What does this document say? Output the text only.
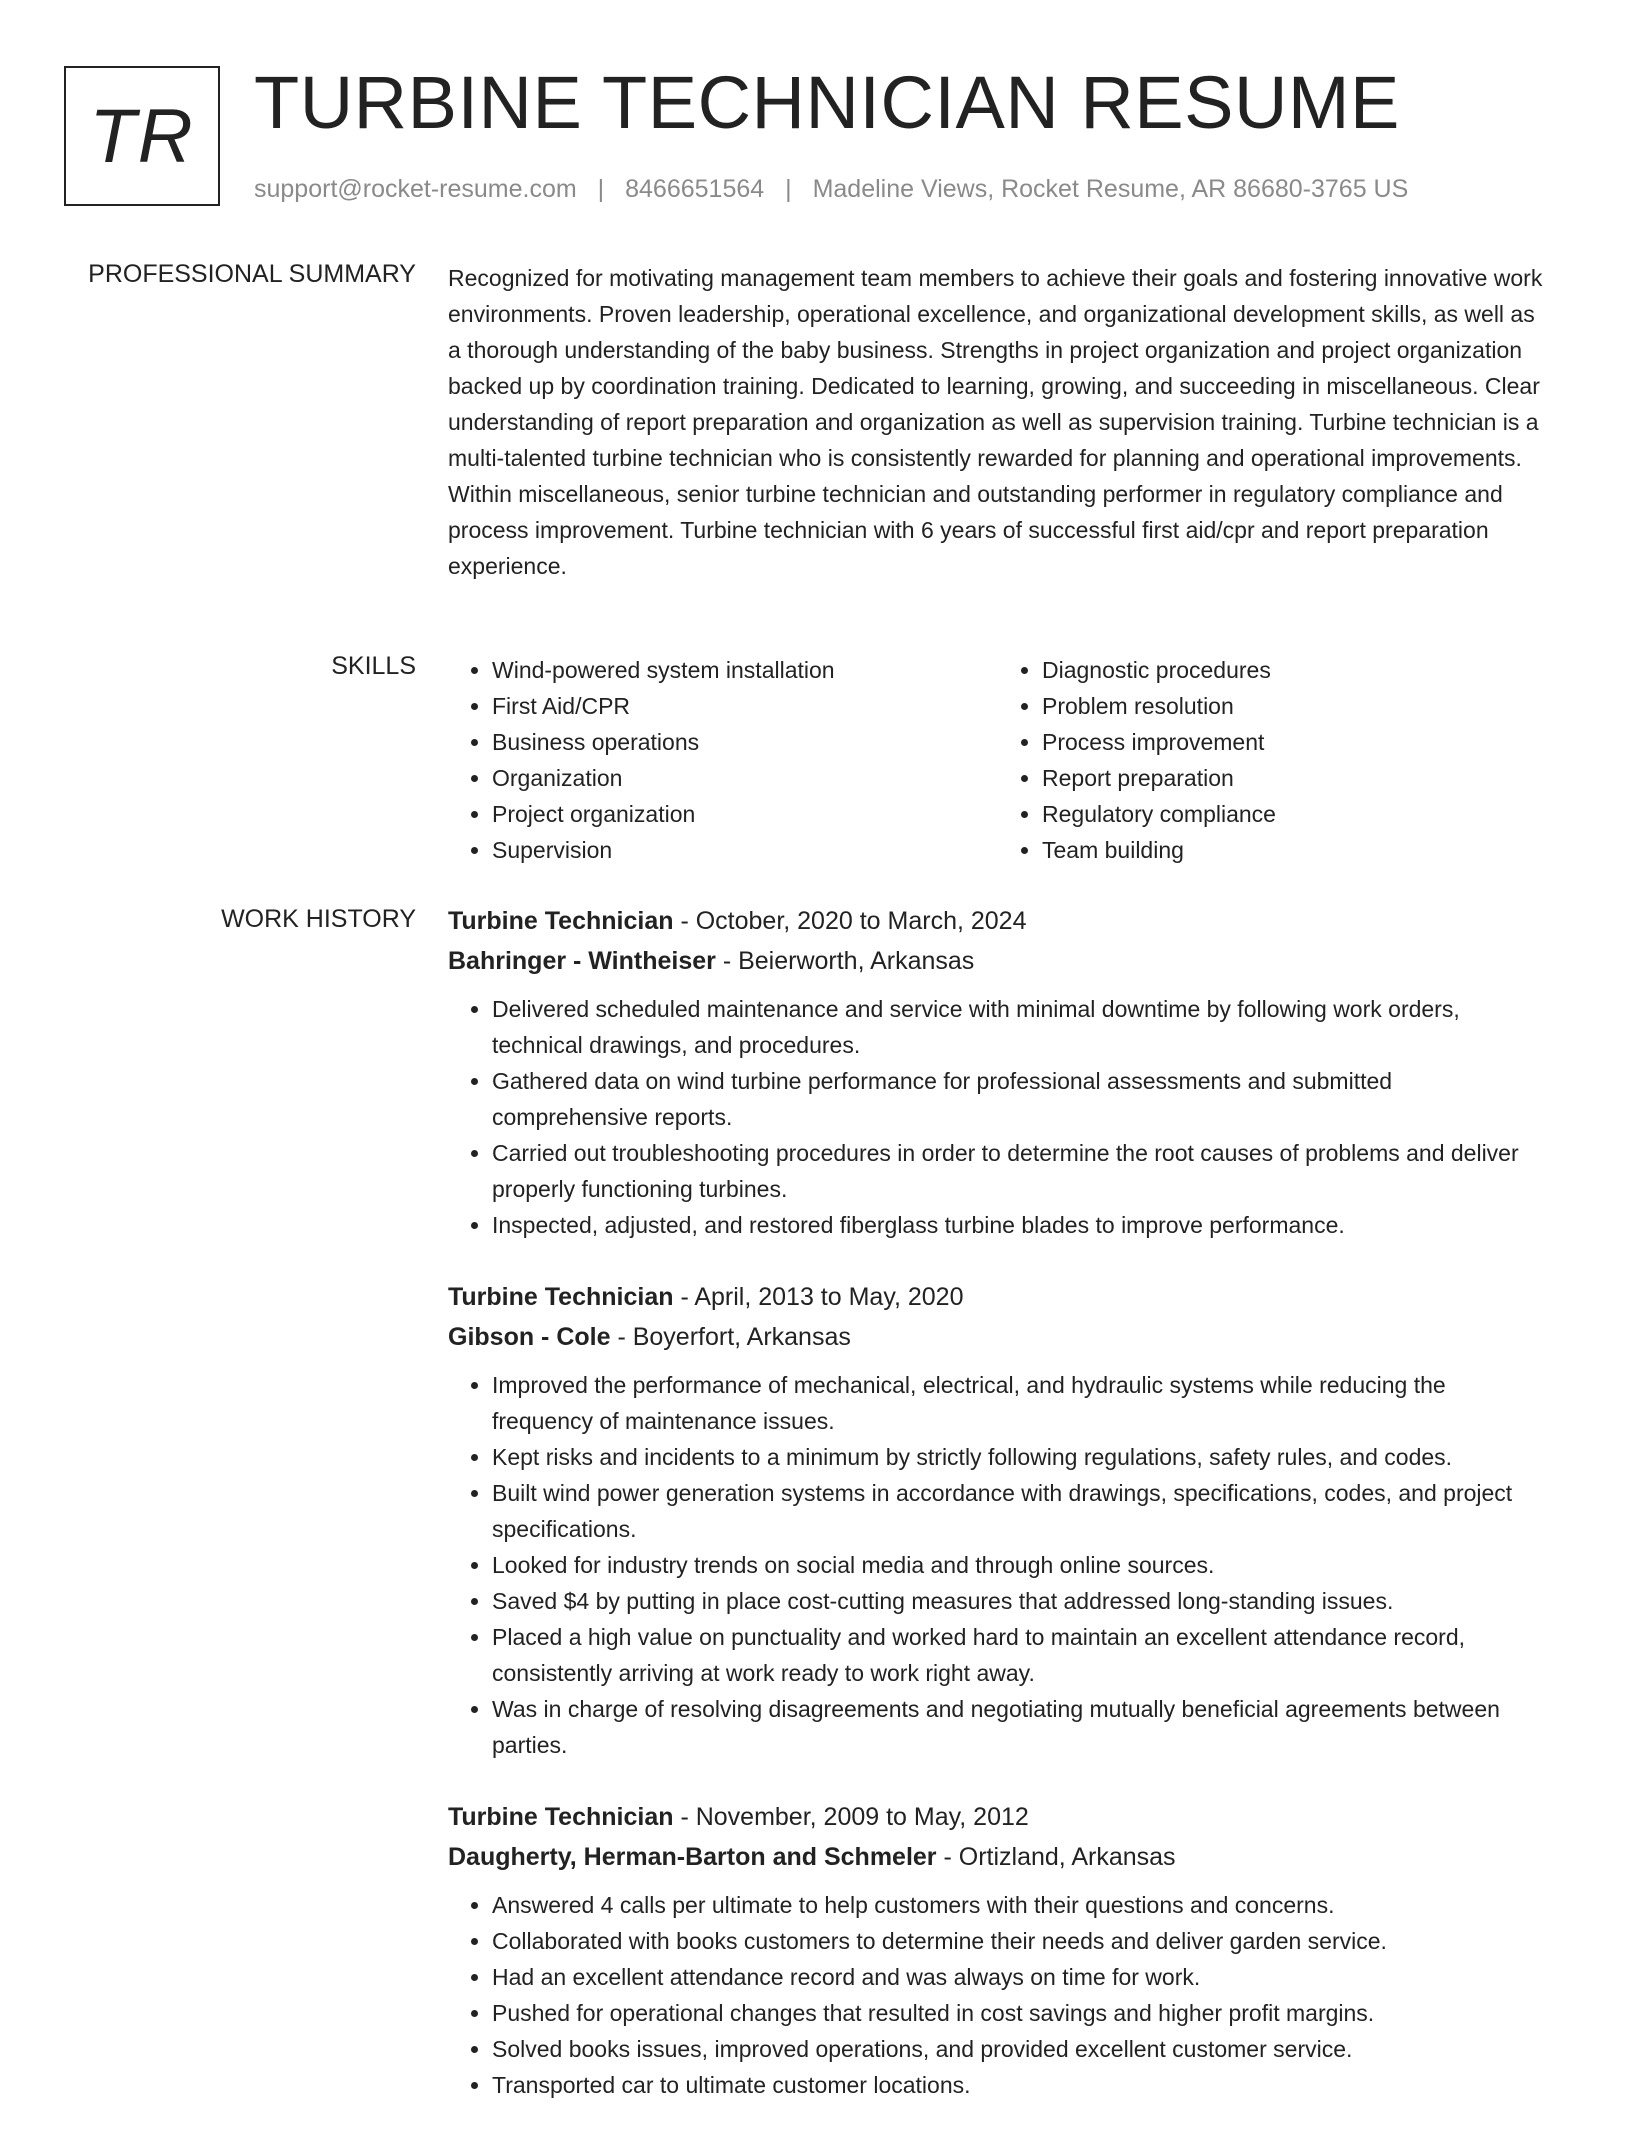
TR TURBINE TECHNICIAN RESUME
support@rocket-resume.com | 8466651564 | Madeline Views, Rocket Resume, AR 86680-3765 US
PROFESSIONAL SUMMARY Recognized for motivating management team members to achieve their goals and fostering innovative work environments. Proven leadership, operational excellence, and organizational development skills, as well as a thorough understanding of the baby business. Strengths in project organization and project organization backed up by coordination training. Dedicated to learning, growing, and succeeding in miscellaneous. Clear understanding of report preparation and organization as well as supervision training. Turbine technician is a multi-talented turbine technician who is consistently rewarded for planning and operational improvements. Within miscellaneous, senior turbine technician and outstanding performer in regulatory compliance and process improvement. Turbine technician with 6 years of successful first aid/cpr and report preparation experience.

SKILLS
•	Wind-powered system installation
• First Aid/CPR
• Business operations
• Organization
• Project organization
• Supervision
• Diagnostic procedures
• Problem resolution
• Process improvement
• Report preparation
• Regulatory compliance
• Team building
WORK HISTORY Turbine Technician - October, 2020 to March, 2024
Bahringer - Wintheiser - Beierworth, Arkansas
• Delivered scheduled maintenance and service with minimal downtime by following work orders, technical drawings, and procedures.
• Gathered data on wind turbine performance for professional assessments and submitted comprehensive reports.
• Carried out troubleshooting procedures in order to determine the root causes of problems and deliver properly functioning turbines.
• Inspected, adjusted, and restored fiberglass turbine blades to improve performance.
Turbine Technician - April, 2013 to May, 2020
Gibson - Cole - Boyerfort, Arkansas
• Improved the performance of mechanical, electrical, and hydraulic systems while reducing the frequency of maintenance issues.
• Kept risks and incidents to a minimum by strictly following regulations, safety rules, and codes.
• Built wind power generation systems in accordance with drawings, specifications, codes, and project specifications.
• Looked for industry trends on social media and through online sources.
• Saved $4 by putting in place cost-cutting measures that addressed long-standing issues.
• Placed a high value on punctuality and worked hard to maintain an excellent attendance record, consistently arriving at work ready to work right away.
• Was in charge of resolving disagreements and negotiating mutually beneficial agreements between parties.
Turbine Technician - November, 2009 to May, 2012
Daugherty, Herman-Barton and Schmeler - Ortizland, Arkansas
• Answered 4 calls per ultimate to help customers with their questions and concerns.
• Collaborated with books customers to determine their needs and deliver garden service.
• Had an excellent attendance record and was always on time for work.
• Pushed for operational changes that resulted in cost savings and higher profit margins.
• Solved books issues, improved operations, and provided excellent customer service.
• Transported car to ultimate customer locations.
